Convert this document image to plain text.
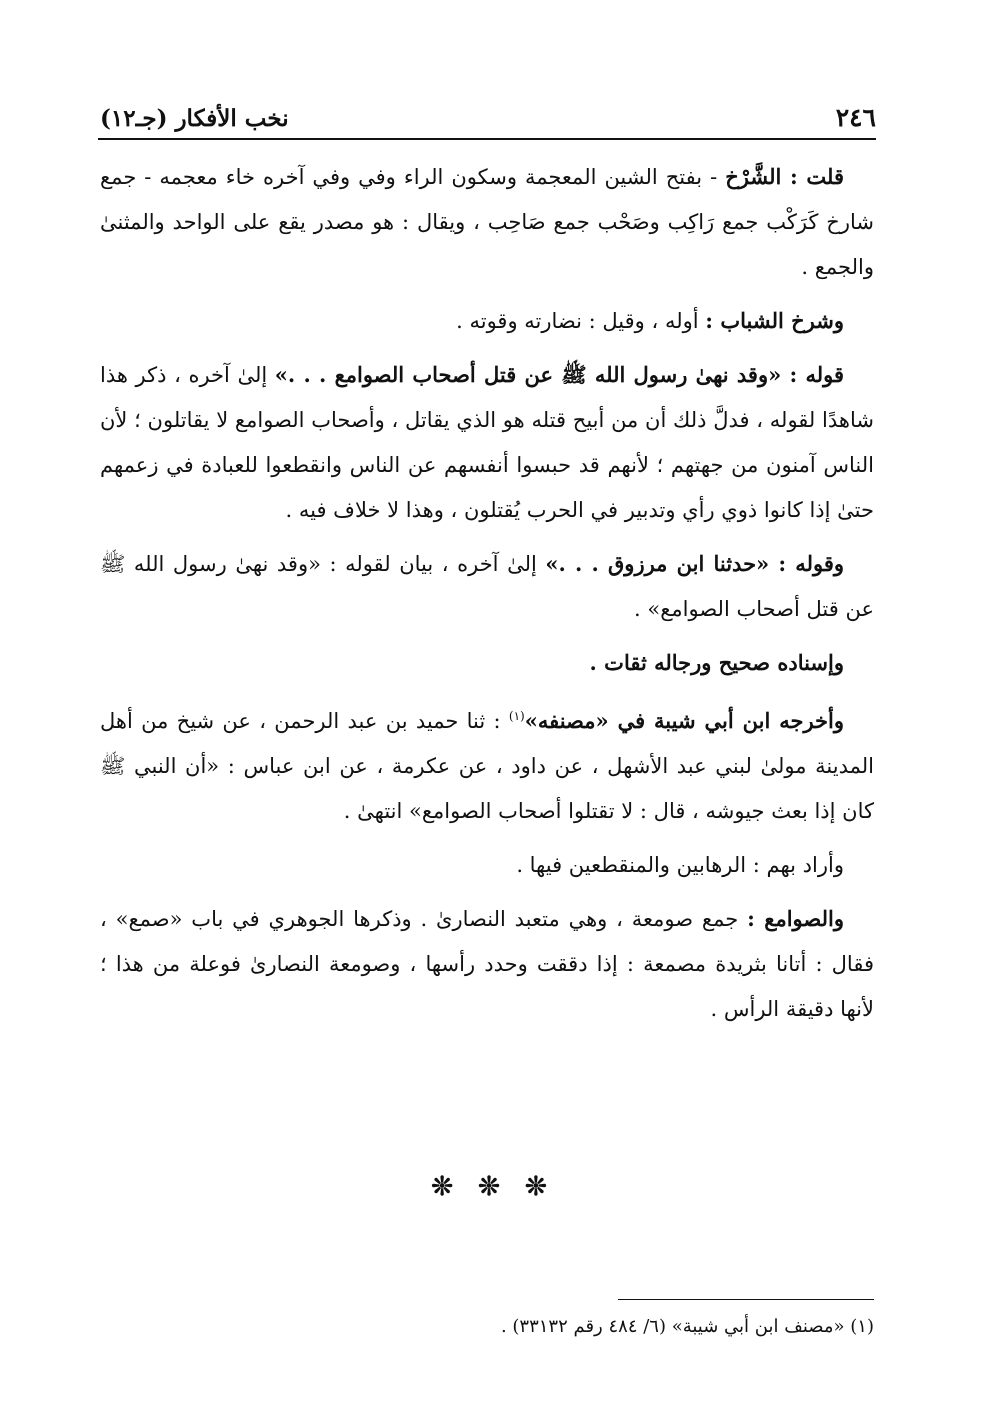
٢٤٦
نخب الأفكار (جـ١٢)

قلت : الشَّرْخ - بفتح الشين المعجمة وسكون الراء وفي وفي آخره خاء معجمه - جمع شارخ كَرَكْب جمع رَاكِب وصَحْب جمع صَاحِب ، ويقال : هو مصدر يقع على الواحد والمثنىٰ والجمع .

وشرخ الشباب : أوله ، وقيل : نضارته وقوته .

قوله : «وقد نهىٰ رسول الله ﷺ عن قتل أصحاب الصوامع . . .» إلىٰ آخره ، ذكر هذا شاهدًا لقوله ، فدلَّ ذلك أن من أبيح قتله هو الذي يقاتل ، وأصحاب الصوامع لا يقاتلون ؛ لأن الناس آمنون من جهتهم ؛ لأنهم قد حبسوا أنفسهم عن الناس وانقطعوا للعبادة في زعمهم حتىٰ إذا كانوا ذوي رأي وتدبير في الحرب يُقتلون ، وهذا لا خلاف فيه .

وقوله : «حدثنا ابن مرزوق . . .» إلىٰ آخره ، بيان لقوله : «وقد نهىٰ رسول الله ﷺ عن قتل أصحاب الصوامع» .

وإسناده صحيح ورجاله ثقات .

وأخرجه ابن أبي شيبة في «مصنفه»$^{(١)}$ : ثنا حميد بن عبد الرحمن ، عن شيخ من أهل المدينة مولىٰ لبني عبد الأشهل ، عن داود ، عن عكرمة ، عن ابن عباس : «أن النبي ﷺ كان إذا بعث جيوشه ، قال : لا تقتلوا أصحاب الصوامع» انتهىٰ .

وأراد بهم : الرهابين والمنقطعين فيها .

والصوامع : جمع صومعة ، وهي متعبد النصارىٰ . وذكرها الجوهري في باب «صمع» ، فقال : أتانا بثريدة مصمعة : إذا دققت وحدد رأسها ، وصومعة النصارىٰ فوعلة من هذا ؛ لأنها دقيقة الرأس .

❊ ❊ ❊
(١) «مصنف ابن أبي شيبة» (٦/ ٤٨٤ رقم ٣٣١٣٢) .
